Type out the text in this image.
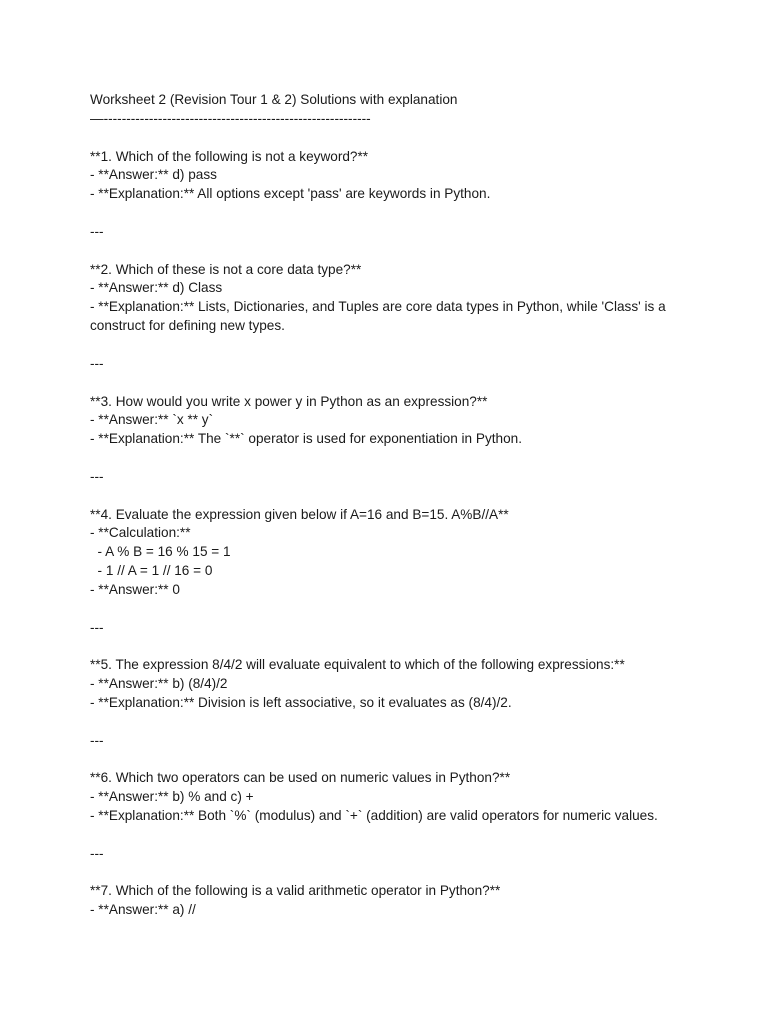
Worksheet 2 (Revision Tour 1 & 2) Solutions with explanation
—-----------------------------------------------------------
**1. Which of the following is not a keyword?**
- **Answer:** d) pass
- **Explanation:** All options except 'pass' are keywords in Python.
---
**2. Which of these is not a core data type?**
- **Answer:** d) Class
- **Explanation:** Lists, Dictionaries, and Tuples are core data types in Python, while 'Class' is a
construct for defining new types.
---
**3. How would you write x power y in Python as an expression?**
- **Answer:** `x ** y`
- **Explanation:** The `**` operator is used for exponentiation in Python.
---
**4. Evaluate the expression given below if A=16 and B=15. A%B//A**
- **Calculation:**
- A % B = 16 % 15 = 1
- 1 // A = 1 // 16 = 0
- **Answer:** 0
---
**5. The expression 8/4/2 will evaluate equivalent to which of the following expressions:**
- **Answer:** b) (8/4)/2
- **Explanation:** Division is left associative, so it evaluates as (8/4)/2.
---
**6. Which two operators can be used on numeric values in Python?**
- **Answer:** b) % and c) +
- **Explanation:** Both `%` (modulus) and `+` (addition) are valid operators for numeric values.
---
**7. Which of the following is a valid arithmetic operator in Python?**
- **Answer:** a) //
